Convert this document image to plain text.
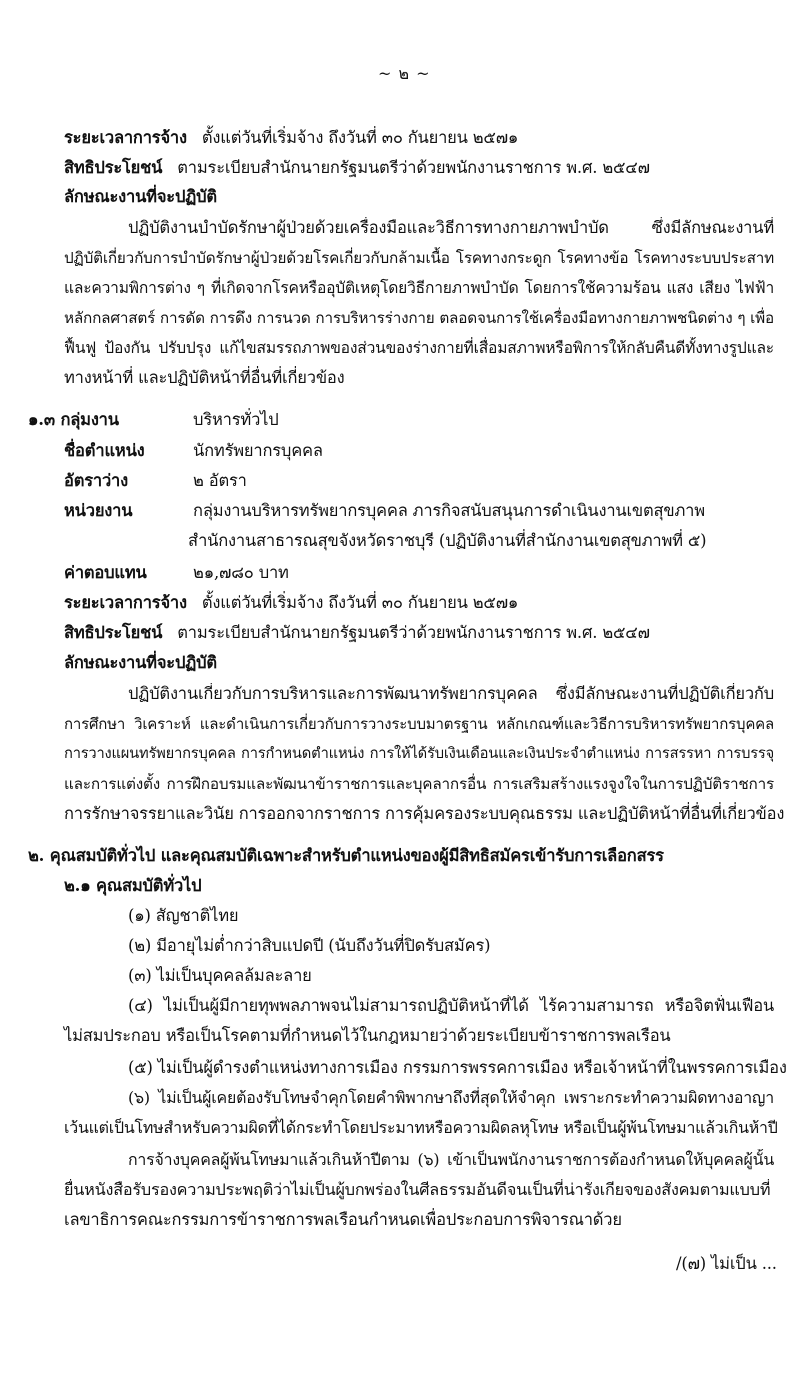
~ ๒ ~
ระยะเวลาการจ้าง ตั้งแต่วันที่เริ่มจ้าง ถึงวันที่ ๓๐ กันยายน ๒๕๗๑
สิทธิประโยชน์ ตามระเบียบสำนักนายกรัฐมนตรีว่าด้วยพนักงานราชการ พ.ศ. ๒๕๔๗
ลักษณะงานที่จะปฏิบัติ
ปฏิบัติงานบำบัดรักษาผู้ป่วยด้วยเครื่องมือและวิธีการทางกายภาพบำบัด ซึ่งมีลักษณะงานที่
ปฏิบัติเกี่ยวกับการบำบัดรักษาผู้ป่วยด้วยโรคเกี่ยวกับกล้ามเนื้อ โรคทางกระดูก โรคทางข้อ โรคทางระบบประสาท
และความพิการต่าง ๆ ที่เกิดจากโรคหรืออุบัติเหตุโดยวิธีกายภาพบำบัด โดยการใช้ความร้อน แสง เสียง ไฟฟ้า
หลักกลศาสตร์ การดัด การดึง การนวด การบริหารร่างกาย ตลอดจนการใช้เครื่องมือทางกายภาพชนิดต่าง ๆ เพื่อ
ฟื้นฟู ป้องกัน ปรับปรุง แก้ไขสมรรถภาพของส่วนของร่างกายที่เสื่อมสภาพหรือพิการให้กลับคืนดีทั้งทางรูปและ
ทางหน้าที่ และปฏิบัติหน้าที่อื่นที่เกี่ยวข้อง
๑.๓ กลุ่มงาน	บริหารทั่วไป
ชื่อตำแหน่ง	นักทรัพยากรบุคคล
อัตราว่าง	๒ อัตรา
หน่วยงาน	กลุ่มงานบริหารทรัพยากรบุคคล ภารกิจสนับสนุนการดำเนินงานเขตสุขภาพ
สำนักงานสาธารณสุขจังหวัดราชบุรี (ปฏิบัติงานที่สำนักงานเขตสุขภาพที่ ๕)
ค่าตอบแทน	๒๑,๗๘๐ บาท
ระยะเวลาการจ้าง ตั้งแต่วันที่เริ่มจ้าง ถึงวันที่ ๓๐ กันยายน ๒๕๗๑
สิทธิประโยชน์ ตามระเบียบสำนักนายกรัฐมนตรีว่าด้วยพนักงานราชการ พ.ศ. ๒๕๔๗
ลักษณะงานที่จะปฏิบัติ
ปฏิบัติงานเกี่ยวกับการบริหารและการพัฒนาทรัพยากรบุคคล ซึ่งมีลักษณะงานที่ปฏิบัติเกี่ยวกับ
การศึกษา วิเคราะห์ และดำเนินการเกี่ยวกับการวางระบบมาตรฐาน หลักเกณฑ์และวิธีการบริหารทรัพยากรบุคคล
การวางแผนทรัพยากรบุคคล การกำหนดตำแหน่ง การให้ได้รับเงินเดือนและเงินประจำตำแหน่ง การสรรหา การบรรจุ
และการแต่งตั้ง การฝึกอบรมและพัฒนาข้าราชการและบุคลากรอื่น การเสริมสร้างแรงจูงใจในการปฏิบัติราชการ
การรักษาจรรยาและวินัย การออกจากราชการ การคุ้มครองระบบคุณธรรม และปฏิบัติหน้าที่อื่นที่เกี่ยวข้อง
๒. คุณสมบัติทั่วไป และคุณสมบัติเฉพาะสำหรับตำแหน่งของผู้มีสิทธิสมัครเข้ารับการเลือกสรร
๒.๑ คุณสมบัติทั่วไป
(๑) สัญชาติไทย
(๒) มีอายุไม่ต่ำกว่าสิบแปดปี (นับถึงวันที่ปิดรับสมัคร)
(๓) ไม่เป็นบุคคลล้มละลาย
(๔) ไม่เป็นผู้มีกายทุพพลภาพจนไม่สามารถปฏิบัติหน้าที่ได้ ไร้ความสามารถ หรือจิตฟั่นเฟือน
ไม่สมประกอบ หรือเป็นโรคตามที่กำหนดไว้ในกฎหมายว่าด้วยระเบียบข้าราชการพลเรือน
(๕) ไม่เป็นผู้ดำรงตำแหน่งทางการเมือง กรรมการพรรคการเมือง หรือเจ้าหน้าที่ในพรรคการเมือง
(๖) ไม่เป็นผู้เคยต้องรับโทษจำคุกโดยคำพิพากษาถึงที่สุดให้จำคุก เพราะกระทำความผิดทางอาญา
เว้นแต่เป็นโทษสำหรับความผิดที่ได้กระทำโดยประมาทหรือความผิดลหุโทษ หรือเป็นผู้พ้นโทษมาแล้วเกินห้าปี
การจ้างบุคคลผู้พ้นโทษมาแล้วเกินห้าปีตาม (๖) เข้าเป็นพนักงานราชการต้องกำหนดให้บุคคลผู้นั้น
ยื่นหนังสือรับรองความประพฤติว่าไม่เป็นผู้บกพร่องในศีลธรรมอันดีจนเป็นที่น่ารังเกียจของสังคมตามแบบที่
เลขาธิการคณะกรรมการข้าราชการพลเรือนกำหนดเพื่อประกอบการพิจารณาด้วย
/(๗) ไม่เป็น ...
